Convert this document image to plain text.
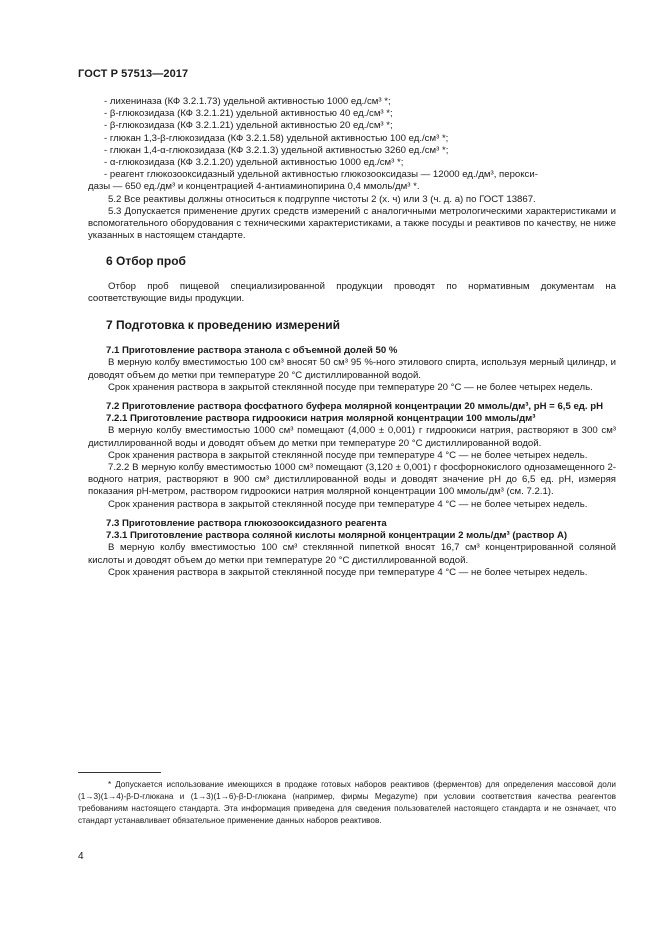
ГОСТ Р 57513—2017
- лихениназа (КФ 3.2.1.73) удельной активностью 1000 ед./см³ *;
- β-глюкозидаза (КФ 3.2.1.21) удельной активностью 40 ед./см³ *;
- β-глюкозидаза (КФ 3.2.1.21) удельной активностью 20 ед./см³ *;
- глюкан 1,3-β-глюкозидаза (КФ 3.2.1.58) удельной активностью 100 ед./см³ *;
- глюкан 1,4-α-глюкозидаза (КФ 3.2.1.3) удельной активностью 3260 ед./см³ *;
- α-глюкозидаза (КФ 3.2.1.20) удельной активностью 1000 ед./см³ *;
- реагент глюкозооксидазный удельной активностью глюкозооксидазы — 12000 ед./дм³, перокси-

дазы — 650 ед./дм³ и концентрацией 4-антиаминопирина 0,4 ммоль/дм³ *.

5.2 Все реактивы должны относиться к подгруппе чистоты 2 (х. ч) или 3 (ч. д. а) по ГОСТ 13867.

5.3 Допускается применение других средств измерений с аналогичными метрологическими характеристиками и вспомогательного оборудования с техническими характеристиками, а также посуды и реактивов по качеству, не ниже указанных в настоящем стандарте.

6 Отбор проб

Отбор проб пищевой специализированной продукции проводят по нормативным документам на соответствующие виды продукции.

7 Подготовка к проведению измерений

7.1 Приготовление раствора этанола с объемной долей 50 %

В мерную колбу вместимостью 100 см³ вносят 50 см³ 95 %-ного этилового спирта, используя мерный цилиндр, и доводят объем до метки при температуре 20 °С дистиллированной водой.

Срок хранения раствора в закрытой стеклянной посуде при температуре 20 °С — не более четырех недель.

7.2 Приготовление раствора фосфатного буфера молярной концентрации 20 ммоль/дм³, pH = 6,5 ед. pH

7.2.1 Приготовление раствора гидроокиси натрия молярной концентрации 100 ммоль/дм³

В мерную колбу вместимостью 1000 см³ помещают (4,000 ± 0,001) г гидроокиси натрия, растворяют в 300 см³ дистиллированной воды и доводят объем до метки при температуре 20 °С дистиллированной водой.

Срок хранения раствора в закрытой стеклянной посуде при температуре 4 °С — не более четырех недель.

7.2.2 В мерную колбу вместимостью 1000 см³ помещают (3,120 ± 0,001) г фосфорнокислого однозамещенного 2-водного натрия, растворяют в 900 см³ дистиллированной воды и доводят значение pH до 6,5 ед. pH, измеряя показания pH-метром, раствором гидроокиси натрия молярной концентрации 100 ммоль/дм³ (см. 7.2.1).

Срок хранения раствора в закрытой стеклянной посуде при температуре 4 °С — не более четырех недель.

7.3 Приготовление раствора глюкозооксидазного реагента

7.3.1 Приготовление раствора соляной кислоты молярной концентрации 2 моль/дм³ (раствор А)

В мерную колбу вместимостью 100 см³ стеклянной пипеткой вносят 16,7 см³ концентрированной соляной кислоты и доводят объем до метки при температуре 20 °С дистиллированной водой.

Срок хранения раствора в закрытой стеклянной посуде при температуре 4 °С — не более четырех недель.

* Допускается использование имеющихся в продаже готовых наборов реактивов (ферментов) для определения массовой доли (1→3)(1→4)-β-D-глюкана и (1→3)(1→6)-β-D-глюкана (например, фирмы Megazyme) при условии соответствия качества реагентов требованиям настоящего стандарта. Эта информация приведена для сведения пользователей настоящего стандарта и не означает, что стандарт устанавливает обязательное применение данных наборов реактивов.

4
